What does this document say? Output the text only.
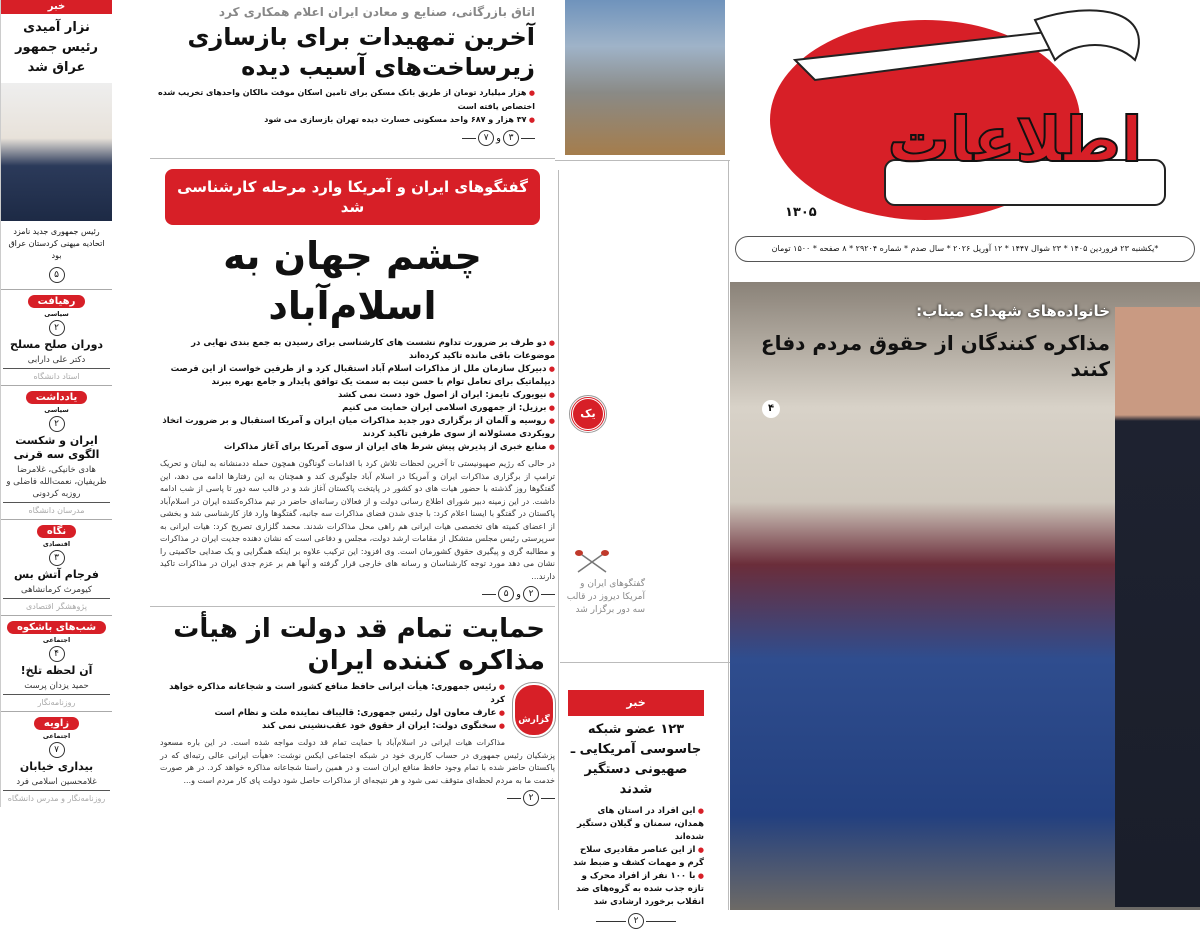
خبر
نزار آمیدی رئیس جمهور عراق شد
رئیس جمهوری جدید نامزد اتحادیه میهنی کردستان عراق بود
۵
رهیافت
سیاسی
۲
دوران صلح مسلح
دکتر علی دارابی
استاد دانشگاه
یادداشت
سیاسی
۲
ایران و شکست الگوی سه قرنی
هادی خانیکی، غلامرضا ظریفیان، نعمت‌الله فاضلی و روزبه کردونی
مدرسان دانشگاه
نگاه
اقتصادی
۳
فرجام آتش بس
کیومرث کرمانشاهی
پژوهشگر اقتصادی
شب‌های باشکوه
اجتماعی
۴
آن لحظه تلخ!
حمید یزدان پرست
روزنامه‌نگار
زاویه
اجتماعی
۷
بیداری خیابان
غلامحسین اسلامی فرد
روزنامه‌نگار و مدرس دانشگاه
اتاق بازرگانی، صنایع و معادن ایران اعلام همکاری کرد
آخرین تمهیدات برای بازسازی زیرساخت‌های آسیب دیده
● هزار میلیارد تومان از طریق بانک مسکن برای تامین اسکان موقت مالکان واحدهای تخریب شده اختصاص یافته است
● ۳۷ هزار و ۶۸۷ واحد مسکونی خسارت دیده تهران بازسازی می شود
۷ و ۳
گفتگوهای ایران و آمریکا وارد مرحله کارشناسی شد
چشم جهان به اسلام‌آباد
● دو طرف بر ضرورت تداوم نشست های کارشناسی برای رسیدن به جمع بندی نهایی در موضوعات باقی مانده تاکید کرده‌اند
● دبیرکل سازمان ملل از مذاکرات اسلام آباد استقبال کرد و از طرفین خواست از این فرصت دیپلماتیک برای تعامل توام با حسن نیت به سمت یک توافق پایدار و جامع بهره ببرند
● نیویورک تایمز: ایران از اصول خود دست نمی کشد
● برزیل: از جمهوری اسلامی ایران حمایت می کنیم
● روسیه و آلمان از برگزاری دور جدید مذاکرات میان ایران و آمریکا استقبال و بر ضرورت اتخاذ رویکردی مسئولانه از سوی طرفین تاکید کردند
● منابع خبری از پذیرش پیش شرط های ایران از سوی آمریکا برای آغاز مذاکرات
در حالی که رژیم صهیونیستی تا آخرین لحظات تلاش کرد با اقدامات گوناگون همچون حمله ددمنشانه به لبنان و تحریک ترامپ از برگزاری مذاکرات ایران و آمریکا در اسلام آباد جلوگیری کند و همچنان به این رفتارها ادامه می دهد، این گفتگوها روز گذشته با حضور هیات های دو کشور در پایتخت پاکستان آغاز شد و در قالب سه دور تا پاسی از شب ادامه داشت. در این زمینه دبیر شورای اطلاع رسانی دولت و از فعالان رسانه‌ای حاضر در تیم مذاکره‌کننده ایران در اسلام‌آباد پاکستان در گفتگو با ایسنا اعلام کرد: با جدی شدن فضای مذاکرات سه جانبه، گفتگوها وارد فاز کارشناسی شد و بخشی از اعضای کمیته های تخصصی هیات ایرانی هم راهی محل مذاکرات شدند. محمد گلزاری تصریح کرد: هیات ایرانی به سرپرستی رئیس مجلس متشکل از مقامات ارشد دولت، مجلس و دفاعی است که نشان دهنده جدیت ایران در مذاکرات و مطالبه گری و پیگیری حقوق کشورمان است. وی افزود: این ترکیب علاوه بر اینکه همگرایی و یک صدایی حاکمیتی را نشان می دهد مورد توجه کارشناسان و رسانه های خارجی قرار گرفته و آنها هم بر عزم جدی ایران در مذاکرات تاکید دارند...
۵ و ۲
حمایت تمام قد دولت از هیأت مذاکره کننده ایران
گزارش
● رئیس جمهوری: هیأت ایرانی حافظ منافع کشور است و شجاعانه مذاکره خواهد کرد
● عارف معاون اول رئیس جمهوری: قالیباف نماینده ملت و نظام است
● سخنگوی دولت: ایران از حقوق خود عقب‌نشینی نمی کند
مذاکرات هیات ایرانی در اسلام‌آباد با حمایت تمام قد دولت مواجه شده است. در این باره مسعود پزشکیان رئیس جمهوری در حساب کاربری خود در شبکه اجتماعی ایکس نوشت: «هیأت ایرانی عالی رتبه‌ای که در پاکستان حاضر شده با تمام وجود حافظ منافع ایران است و در همین راستا شجاعانه مذاکره خواهد کرد. در هر صورت خدمت ما به مردم لحظه‌ای متوقف نمی شود و هر نتیجه‌ای از مذاکرات حاصل شود دولت پای کار مردم است و...
۲
یک
گفتگوهای ایران و آمریکا دیروز در قالب سه دور برگزار شد
خبر
۱۲۳ عضو شبکه جاسوسی آمریکایی ـ صهیونی دستگیر شدند
● این افراد در استان های همدان، سمنان و گیلان دستگیر شده‌اند
● از این عناصر مقادیری سلاح گرم و مهمات کشف و ضبط شد
● با ۱۰۰ نفر از افراد محرک و تازه جذب شده به گروه‌های ضد انقلاب برخورد ارشادی شد
۲
اطلاعات
۱۳۰۵
*یکشنبه ۲۳ فروردین ۱۴۰۵ * ۲۳ شوال ۱۴۴۷ * ۱۲ آوریل ۲۰۲۶ * سال صدم * شماره ۲۹۲۰۴ * ۸ صفحه * ۱۵۰۰ تومان
خانواده‌های شهدای میناب:
مذاکره کنندگان از حقوق مردم دفاع کنند
۴
